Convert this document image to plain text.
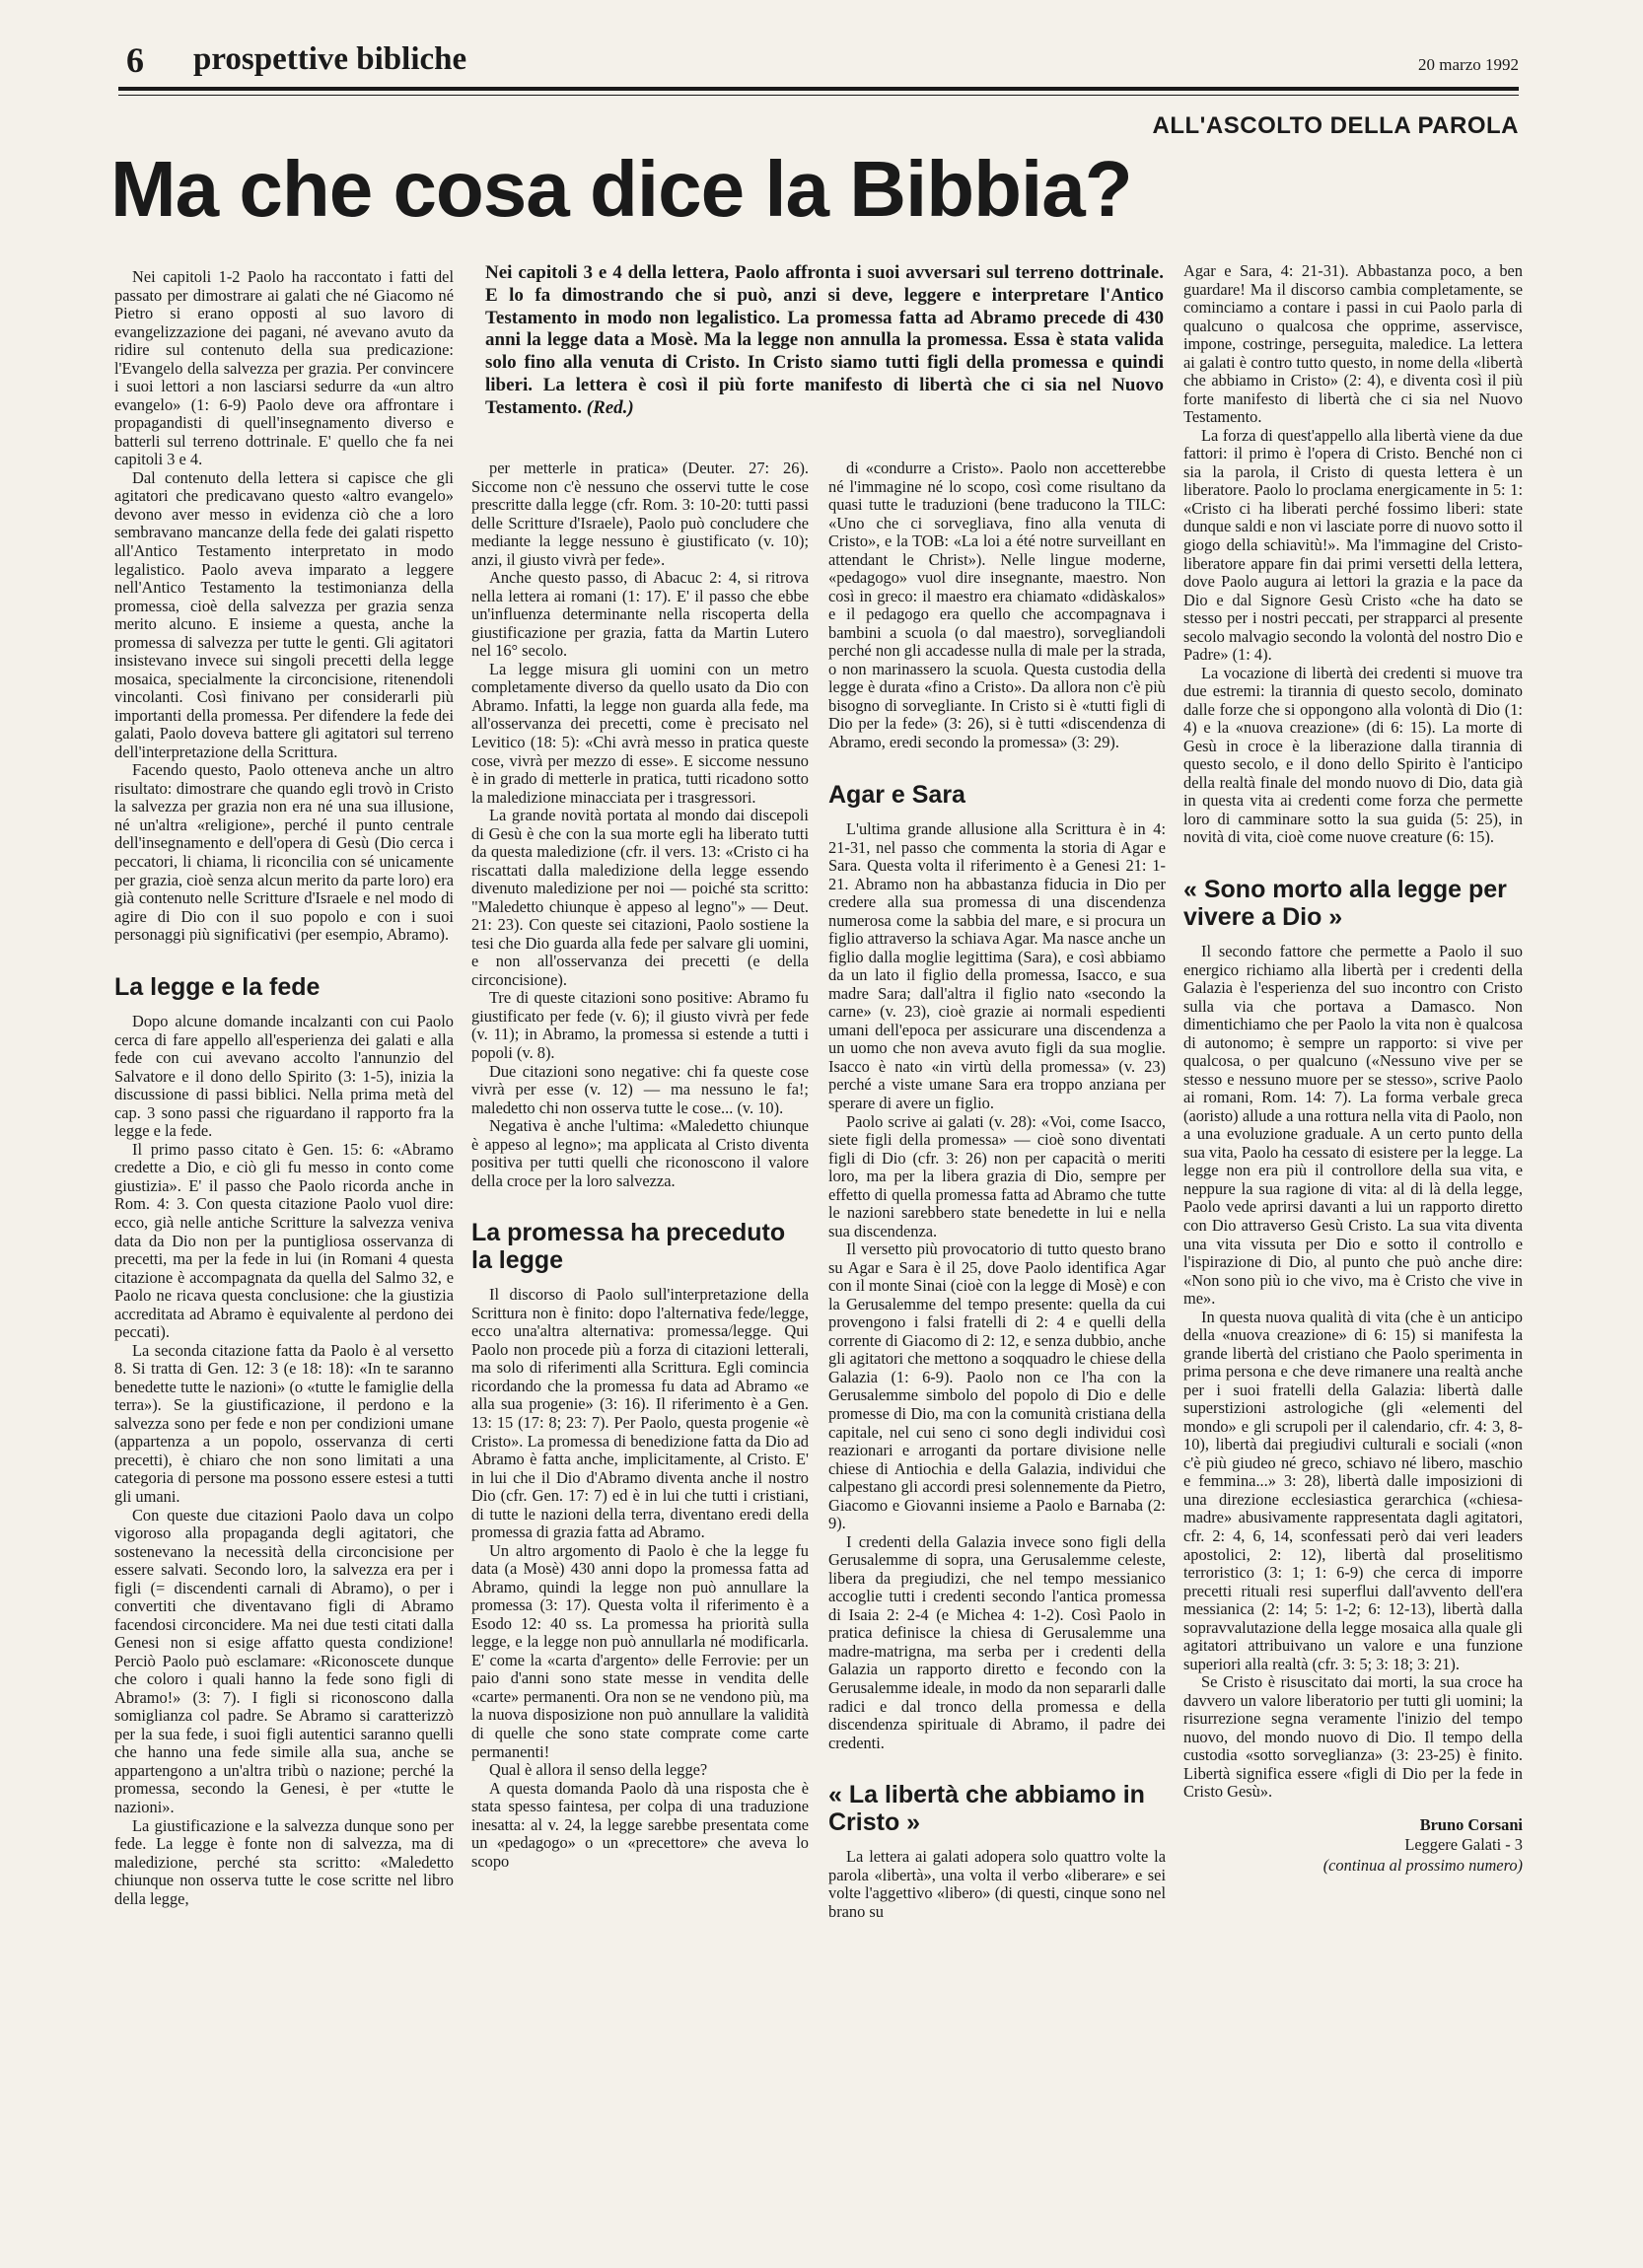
6 prospettive bibliche	20 marzo 1992
ALL'ASCOLTO DELLA PAROLA
Ma che cosa dice la Bibbia?
Nei capitoli 3 e 4 della lettera, Paolo affronta i suoi avversari sul terreno dottrinale. E lo fa dimostrando che si può, anzi si deve, leggere e interpretare l'Antico Testamento in modo non legalistico. La promessa fatta ad Abramo precede di 430 anni la legge data a Mosè. Ma la legge non annulla la promessa. Essa è stata valida solo fino alla venuta di Cristo. In Cristo siamo tutti figli della promessa e quindi liberi. La lettera è così il più forte manifesto di libertà che ci sia nel Nuovo Testamento. (Red.)

Nei capitoli 1-2 Paolo ha raccontato i fatti del passato per dimostrare ai galati che né Giacomo né Pietro si erano opposti al suo lavoro di evangelizzazione dei pagani, né avevano avuto da ridire sul contenuto della sua predicazione: l'Evangelo della salvezza per grazia. Per convincere i suoi lettori a non lasciarsi sedurre da «un altro evangelo» (1: 6-9) Paolo deve ora affrontare i propagandisti di quell'insegnamento diverso e batterli sul terreno dottrinale. E' quello che fa nei capitoli 3 e 4.

Dal contenuto della lettera si capisce che gli agitatori che predicavano questo «altro evangelo» devono aver messo in evidenza ciò che a loro sembravano mancanze della fede dei galati rispetto all'Antico Testamento interpretato in modo legalistico. Paolo aveva imparato a leggere nell'Antico Testamento la testimonianza della promessa, cioè della salvezza per grazia senza merito alcuno. E insieme a questa, anche la promessa di salvezza per tutte le genti. Gli agitatori insistevano invece sui singoli precetti della legge mosaica, specialmente la circoncisione, ritenendoli vincolanti. Così finivano per considerarli più importanti della promessa. Per difendere la fede dei galati, Paolo doveva battere gli agitatori sul terreno dell'interpretazione della Scrittura.

Facendo questo, Paolo otteneva anche un altro risultato: dimostrare che quando egli trovò in Cristo la salvezza per grazia non era né una sua illusione, né un'altra «religione», perché il punto centrale dell'insegnamento e dell'opera di Gesù (Dio cerca i peccatori, li chiama, li riconcilia con sé unicamente per grazia, cioè senza alcun merito da parte loro) era già contenuto nelle Scritture d'Israele e nel modo di agire di Dio con il suo popolo e con i suoi personaggi più significativi (per esempio, Abramo).

La legge e la fede

Dopo alcune domande incalzanti con cui Paolo cerca di fare appello all'esperienza dei galati e alla fede con cui avevano accolto l'annunzio del Salvatore e il dono dello Spirito (3: 1-5), inizia la discussione di passi biblici. Nella prima metà del cap. 3 sono passi che riguardano il rapporto fra la legge e la fede.

Il primo passo citato è Gen. 15: 6: «Abramo credette a Dio, e ciò gli fu messo in conto come giustizia». E' il passo che Paolo ricorda anche in Rom. 4: 3. Con questa citazione Paolo vuol dire: ecco, già nelle antiche Scritture la salvezza veniva data da Dio non per la puntigliosa osservanza di precetti, ma per la fede in lui (in Romani 4 questa citazione è accompagnata da quella del Salmo 32, e Paolo ne ricava questa conclusione: che la giustizia accreditata ad Abramo è equivalente al perdono dei peccati).

La seconda citazione fatta da Paolo è al versetto 8. Si tratta di Gen. 12: 3 (e 18: 18): «In te saranno benedette tutte le nazioni» (o «tutte le famiglie della terra»). Se la giustificazione, il perdono e la salvezza sono per fede e non per condizioni umane (appartenza a un popolo, osservanza di certi precetti), è chiaro che non sono limitati a una categoria di persone ma possono essere estesi a tutti gli umani.

Con queste due citazioni Paolo dava un colpo vigoroso alla propaganda degli agitatori, che sostenevano la necessità della circoncisione per essere salvati. Secondo loro, la salvezza era per i figli (= discendenti carnali di Abramo), o per i convertiti che diventavano figli di Abramo facendosi circoncidere. Ma nei due testi citati dalla Genesi non si esige affatto questa condizione! Perciò Paolo può esclamare: «Riconoscete dunque che coloro i quali hanno la fede sono figli di Abramo!» (3: 7). I figli si riconoscono dalla somiglianza col padre. Se Abramo si caratterizzò per la sua fede, i suoi figli autentici saranno quelli che hanno una fede simile alla sua, anche se appartengono a un'altra tribù o nazione; perché la promessa, secondo la Genesi, è per «tutte le nazioni».

La giustificazione e la salvezza dunque sono per fede. La legge è fonte non di salvezza, ma di maledizione, perché sta scritto: «Maledetto chiunque non osserva tutte le cose scritte nel libro della legge,

per metterle in pratica» (Deuter. 27: 26). Siccome non c'è nessuno che osservi tutte le cose prescritte dalla legge (cfr. Rom. 3: 10-20: tutti passi delle Scritture d'Israele), Paolo può concludere che mediante la legge nessuno è giustificato (v. 10); anzi, il giusto vivrà per fede».

Anche questo passo, di Abacuc 2: 4, si ritrova nella lettera ai romani (1: 17). E' il passo che ebbe un'influenza determinante nella riscoperta della giustificazione per grazia, fatta da Martin Lutero nel 16° secolo.

La legge misura gli uomini con un metro completamente diverso da quello usato da Dio con Abramo. Infatti, la legge non guarda alla fede, ma all'osservanza dei precetti, come è precisato nel Levitico (18: 5): «Chi avrà messo in pratica queste cose, vivrà per mezzo di esse». E siccome nessuno è in grado di metterle in pratica, tutti ricadono sotto la maledizione minacciata per i trasgressori.

La grande novità portata al mondo dai discepoli di Gesù è che con la sua morte egli ha liberato tutti da questa maledizione (cfr. il vers. 13: «Cristo ci ha riscattati dalla maledizione della legge essendo divenuto maledizione per noi — poiché sta scritto: "Maledetto chiunque è appeso al legno"» — Deut. 21: 23). Con queste sei citazioni, Paolo sostiene la tesi che Dio guarda alla fede per salvare gli uomini, e non all'osservanza dei precetti (e della circoncisione).

Tre di queste citazioni sono positive: Abramo fu giustificato per fede (v. 6); il giusto vivrà per fede (v. 11); in Abramo, la promessa si estende a tutti i popoli (v. 8).

Due citazioni sono negative: chi fa queste cose vivrà per esse (v. 12) — ma nessuno le fa!; maledetto chi non osserva tutte le cose... (v. 10).

Negativa è anche l'ultima: «Maledetto chiunque è appeso al legno»; ma applicata al Cristo diventa positiva per tutti quelli che riconoscono il valore della croce per la loro salvezza.

La promessa ha preceduto la legge

Il discorso di Paolo sull'interpretazione della Scrittura non è finito: dopo l'alternativa fede/legge, ecco una'altra alternativa: promessa/legge. Qui Paolo non procede più a forza di citazioni letterali, ma solo di riferimenti alla Scrittura. Egli comincia ricordando che la promessa fu data ad Abramo «e alla sua progenie» (3: 16). Il riferimento è a Gen. 13: 15 (17: 8; 23: 7). Per Paolo, questa progenie «è Cristo». La promessa di benedizione fatta da Dio ad Abramo è fatta anche, implicitamente, al Cristo. E' in lui che il Dio d'Abramo diventa anche il nostro Dio (cfr. Gen. 17: 7) ed è in lui che tutti i cristiani, di tutte le nazioni della terra, diventano eredi della promessa di grazia fatta ad Abramo.

Un altro argomento di Paolo è che la legge fu data (a Mosè) 430 anni dopo la promessa fatta ad Abramo, quindi la legge non può annullare la promessa (3: 17). Questa volta il riferimento è a Esodo 12: 40 ss. La promessa ha priorità sulla legge, e la legge non può annullarla né modificarla. E' come la «carta d'argento» delle Ferrovie: per un paio d'anni sono state messe in vendita delle «carte» permanenti. Ora non se ne vendono più, ma la nuova disposizione non può annullare la validità di quelle che sono state comprate come carte permanenti!

Qual è allora il senso della legge?

A questa domanda Paolo dà una risposta che è stata spesso faintesa, per colpa di una traduzione inesatta: al v. 24, la legge sarebbe presentata come un «pedagogo» o un «precettore» che aveva lo scopo

di «condurre a Cristo». Paolo non accetterebbe né l'immagine né lo scopo, così come risultano da quasi tutte le traduzioni (bene traducono la TILC: «Uno che ci sorvegliava, fino alla venuta di Cristo», e la TOB: «La loi a été notre surveillant en attendant le Christ»). Nelle lingue moderne, «pedagogo» vuol dire insegnante, maestro. Non così in greco: il maestro era chiamato «didàskalos» e il pedagogo era quello che accompagnava i bambini a scuola (o dal maestro), sorvegliandoli perché non gli accadesse nulla di male per la strada, o non marinassero la scuola. Questa custodia della legge è durata «fino a Cristo». Da allora non c'è più bisogno di sorvegliante. In Cristo si è «tutti figli di Dio per la fede» (3: 26), si è tutti «discendenza di Abramo, eredi secondo la promessa» (3: 29).

Agar e Sara

L'ultima grande allusione alla Scrittura è in 4: 21-31, nel passo che commenta la storia di Agar e Sara. Questa volta il riferimento è a Genesi 21: 1-21. Abramo non ha abbastanza fiducia in Dio per credere alla sua promessa di una discendenza numerosa come la sabbia del mare, e si procura un figlio attraverso la schiava Agar. Ma nasce anche un figlio dalla moglie legittima (Sara), e così abbiamo da un lato il figlio della promessa, Isacco, e sua madre Sara; dall'altra il figlio nato «secondo la carne» (v. 23), cioè grazie ai normali espedienti umani dell'epoca per assicurare una discendenza a un uomo che non aveva avuto figli da sua moglie. Isacco è nato «in virtù della promessa» (v. 23) perché a viste umane Sara era troppo anziana per sperare di avere un figlio.

Paolo scrive ai galati (v. 28): «Voi, come Isacco, siete figli della promessa» — cioè sono diventati figli di Dio (cfr. 3: 26) non per capacità o meriti loro, ma per la libera grazia di Dio, sempre per effetto di quella promessa fatta ad Abramo che tutte le nazioni sarebbero state benedette in lui e nella sua discendenza.

Il versetto più provocatorio di tutto questo brano su Agar e Sara è il 25, dove Paolo identifica Agar con il monte Sinai (cioè con la legge di Mosè) e con la Gerusalemme del tempo presente: quella da cui provengono i falsi fratelli di 2: 4 e quelli della corrente di Giacomo di 2: 12, e senza dubbio, anche gli agitatori che mettono a soqquadro le chiese della Galazia (1: 6-9). Paolo non ce l'ha con la Gerusalemme simbolo del popolo di Dio e delle promesse di Dio, ma con la comunità cristiana della capitale, nel cui seno ci sono degli individui così reazionari e arroganti da portare divisione nelle chiese di Antiochia e della Galazia, individui che calpestano gli accordi presi solennemente da Pietro, Giacomo e Giovanni insieme a Paolo e Barnaba (2: 9).

I credenti della Galazia invece sono figli della Gerusalemme di sopra, una Gerusalemme celeste, libera da pregiudizi, che nel tempo messianico accoglie tutti i credenti secondo l'antica promessa di Isaia 2: 2-4 (e Michea 4: 1-2). Così Paolo in pratica definisce la chiesa di Gerusalemme una madre-matrigna, ma serba per i credenti della Galazia un rapporto diretto e fecondo con la Gerusalemme ideale, in modo da non separarli dalle radici e dal tronco della promessa e della discendenza spirituale di Abramo, il padre dei credenti.

« La libertà che abbiamo in Cristo »

La lettera ai galati adopera solo quattro volte la parola «libertà», una volta il verbo «liberare» e sei volte l'aggettivo «libero» (di questi, cinque sono nel brano su

Agar e Sara, 4: 21-31). Abbastanza poco, a ben guardare! Ma il discorso cambia completamente, se cominciamo a contare i passi in cui Paolo parla di qualcuno o qualcosa che opprime, asservisce, impone, costringe, perseguita, maledice. La lettera ai galati è contro tutto questo, in nome della «libertà che abbiamo in Cristo» (2: 4), e diventa così il più forte manifesto di libertà che ci sia nel Nuovo Testamento.

La forza di quest'appello alla libertà viene da due fattori: il primo è l'opera di Cristo. Benché non ci sia la parola, il Cristo di questa lettera è un liberatore. Paolo lo proclama energicamente in 5: 1: «Cristo ci ha liberati perché fossimo liberi: state dunque saldi e non vi lasciate porre di nuovo sotto il giogo della schiavitù!». Ma l'immagine del Cristo-liberatore appare fin dai primi versetti della lettera, dove Paolo augura ai lettori la grazia e la pace da Dio e dal Signore Gesù Cristo «che ha dato se stesso per i nostri peccati, per strapparci al presente secolo malvagio secondo la volontà del nostro Dio e Padre» (1: 4).

La vocazione di libertà dei credenti si muove tra due estremi: la tirannia di questo secolo, dominato dalle forze che si oppongono alla volontà di Dio (1: 4) e la «nuova creazione» (di 6: 15). La morte di Gesù in croce è la liberazione dalla tirannia di questo secolo, e il dono dello Spirito è l'anticipo della realtà finale del mondo nuovo di Dio, data già in questa vita ai credenti come forza che permette loro di camminare sotto la sua guida (5: 25), in novità di vita, cioè come nuove creature (6: 15).

« Sono morto alla legge per vivere a Dio »

Il secondo fattore che permette a Paolo il suo energico richiamo alla libertà per i credenti della Galazia è l'esperienza del suo incontro con Cristo sulla via che portava a Damasco. Non dimentichiamo che per Paolo la vita non è qualcosa di autonomo; è sempre un rapporto: si vive per qualcosa, o per qualcuno («Nessuno vive per se stesso e nessuno muore per se stesso», scrive Paolo ai romani, Rom. 14: 7). La forma verbale greca (aoristo) allude a una rottura nella vita di Paolo, non a una evoluzione graduale. A un certo punto della sua vita, Paolo ha cessato di esistere per la legge. La legge non era più il controllore della sua vita, e neppure la sua ragione di vita: al di là della legge, Paolo vede aprirsi davanti a lui un rapporto diretto con Dio attraverso Gesù Cristo. La sua vita diventa una vita vissuta per Dio e sotto il controllo e l'ispirazione di Dio, al punto che può anche dire: «Non sono più io che vivo, ma è Cristo che vive in me».

In questa nuova qualità di vita (che è un anticipo della «nuova creazione» di 6: 15) si manifesta la grande libertà del cristiano che Paolo sperimenta in prima persona e che deve rimanere una realtà anche per i suoi fratelli della Galazia: libertà dalle superstizioni astrologiche (gli «elementi del mondo» e gli scrupoli per il calendario, cfr. 4: 3, 8-10), libertà dai pregiudivi culturali e sociali («non c'è più giudeo né greco, schiavo né libero, maschio e femmina...» 3: 28), libertà dalle imposizioni di una direzione ecclesiastica gerarchica («chiesa-madre» abusivamente rappresentata dagli agitatori, cfr. 2: 4, 6, 14, sconfessati però dai veri leaders apostolici, 2: 12), libertà dal proselitismo terroristico (3: 1; 1: 6-9) che cerca di imporre precetti rituali resi superflui dall'avvento dell'era messianica (2: 14; 5: 1-2; 6: 12-13), libertà dalla sopravvalutazione della legge mosaica alla quale gli agitatori attribuivano un valore e una funzione superiori alla realtà (cfr. 3: 5; 3: 18; 3: 21).

Se Cristo è risuscitato dai morti, la sua croce ha davvero un valore liberatorio per tutti gli uomini; la risurrezione segna veramente l'inizio del tempo nuovo, del mondo nuovo di Dio. Il tempo della custodia «sotto sorveglianza» (3: 23-25) è finito. Libertà significa essere «figli di Dio per la fede in Cristo Gesù».

Bruno Corsani
Leggere Galati - 3
(continua al prossimo numero)
